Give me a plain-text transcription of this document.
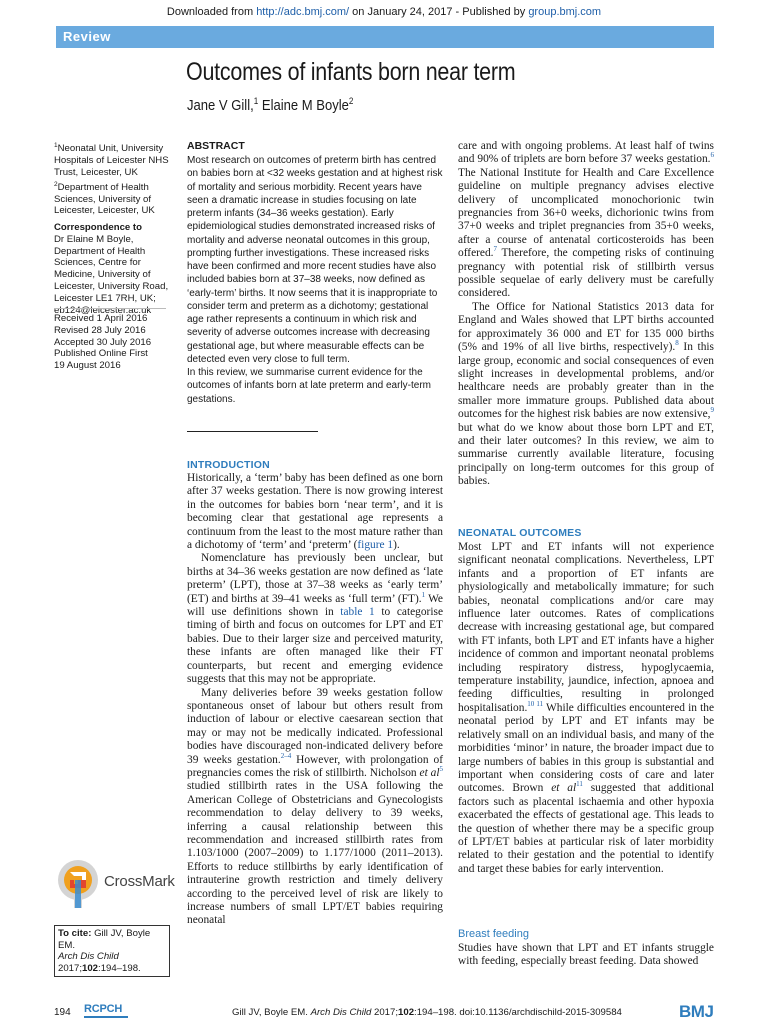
Downloaded from http://adc.bmj.com/ on January 24, 2017 - Published by group.bmj.com
Review
Outcomes of infants born near term
Jane V Gill,$^1$ Elaine M Boyle$^2$

$^1$Neonatal Unit, University Hospitals of Leicester NHS Trust, Leicester, UK

$^2$Department of Health Sciences, University of Leicester, Leicester, UK

Correspondence to

Dr Elaine M Boyle, Department of Health Sciences, Centre for Medicine, University of Leicester, University Road, Leicester LE1 7RH, UK; eb124@leicester.ac.uk

Received 1 April 2016

Revised 28 July 2016

Accepted 30 July 2016

Published Online First

19 August 2016

CrossMark
To cite: Gill JV, Boyle EM.
Arch Dis Child
2017;102:194–198.
ABSTRACT

Most research on outcomes of preterm birth has centred on babies born at <32 weeks gestation and at highest risk of mortality and serious morbidity. Recent years have seen a dramatic increase in studies focusing on late preterm infants (34–36 weeks gestation). Early epidemiological studies demonstrated increased risks of mortality and adverse neonatal outcomes in this group, prompting further investigations. These increased risks have been confirmed and more recent studies have also included babies born at 37–38 weeks, now defined as ‘early-term’ births. It now seems that it is inappropriate to consider term and preterm as a dichotomy; gestational age rather represents a continuum in which risk and severity of adverse outcomes increase with decreasing gestational age, but where measurable effects can be detected even very close to full term.

In this review, we summarise current evidence for the outcomes of infants born at late preterm and early-term gestations.

INTRODUCTION

Historically, a ‘term’ baby has been defined as one born after 37 weeks gestation. There is now growing interest in the outcomes for babies born ‘near term’, and it is becoming clear that gestational age represents a continuum from the least to the most mature rather than a dichotomy of ‘term’ and ‘preterm’ (figure 1).

Nomenclature has previously been unclear, but births at 34–36 weeks gestation are now defined as ‘late preterm’ (LPT), those at 37–38 weeks as ‘early term’ (ET) and births at 39–41 weeks as ‘full term’ (FT).$^1$ We will use definitions shown in table 1 to categorise timing of birth and focus on outcomes for LPT and ET babies. Due to their larger size and perceived maturity, these infants are often managed like their FT counterparts, but recent and emerging evidence suggests that this may not be appropriate.

Many deliveries before 39 weeks gestation follow spontaneous onset of labour but others result from induction of labour or elective caesarean section that may or may not be medically indicated. Professional bodies have discouraged non-indicated delivery before 39 weeks gestation.$^{2-4}$ However, with prolongation of pregnancies comes the risk of stillbirth. Nicholson et $al^5$ studied stillbirth rates in the USA following the American College of Obstetricians and Gynecologists recommendation to delay delivery to 39 weeks, inferring a causal relationship between this recommendation and increased stillbirth rates from 1.103/1000 (2007–2009) to 1.177/1000 (2011–2013). Efforts to reduce stillbirths by early identification of intrauterine growth restriction and timely delivery according to the perceived level of risk are likely to increase numbers of small LPT/ET babies requiring neonatal

care and with ongoing problems. At least half of twins and 90% of triplets are born before 37 weeks gestation.$^6$ The National Institute for Health and Care Excellence guideline on multiple pregnancy advises elective delivery of uncomplicated monochorionic twin pregnancies from 36+0 weeks, dichorionic twins from 37+0 weeks and triplet pregnancies from 35+0 weeks, after a course of antenatal corticosteroids has been offered.$^7$ Therefore, the competing risks of continuing pregnancy with potential risk of stillbirth versus possible sequelae of early delivery must be carefully considered.

The Office for National Statistics 2013 data for England and Wales showed that LPT births accounted for approximately 36 000 and ET for 135 000 births (5% and 19% of all live births, respectively).$^8$ In this large group, economic and social consequences of even slight increases in developmental problems, and/or healthcare needs are probably greater than in the smaller more immature groups. Published data about outcomes for the highest risk babies are now extensive,$^9$ but what do we know about those born LPT and ET, and their later outcomes? In this review, we aim to summarise currently available literature, focusing principally on long-term outcomes for this group of babies.

NEONATAL OUTCOMES

Most LPT and ET infants will not experience significant neonatal complications. Nevertheless, LPT infants and a proportion of ET infants are physiologically and metabolically immature; for such babies, neonatal complications and/or care may influence later outcomes. Rates of complications decrease with increasing gestational age, but compared with FT infants, both LPT and ET infants have a higher incidence of common and important neonatal problems including respiratory distress, hypoglycaemia, temperature instability, jaundice, infection, apnoea and feeding difficulties, resulting in prolonged hospitalisation.$^{10 11}$ While difficulties encountered in the neonatal period by LPT and ET infants may be relatively small on an individual basis, and many of the morbidities ‘minor’ in nature, the broader impact due to large numbers of babies in this group is substantial and important when considering costs of care and later outcomes. Brown et $al^{11}$ suggested that additional factors such as placental ischaemia and other hypoxia exacerbated the effects of gestational age. This leads to the question of whether there may be a specific group of LPT/ET babies at particular risk of later morbidity related to their gestation and the potential to identify and target these babies for early intervention.

Breast feeding

Studies have shown that LPT and ET infants struggle with feeding, especially breast feeding. Data showed

194 RCPCH	Gill JV, Boyle EM. Arch Dis Child 2017;102:194–198. doi:10.1136/archdischild-2015-309584	BMJ
